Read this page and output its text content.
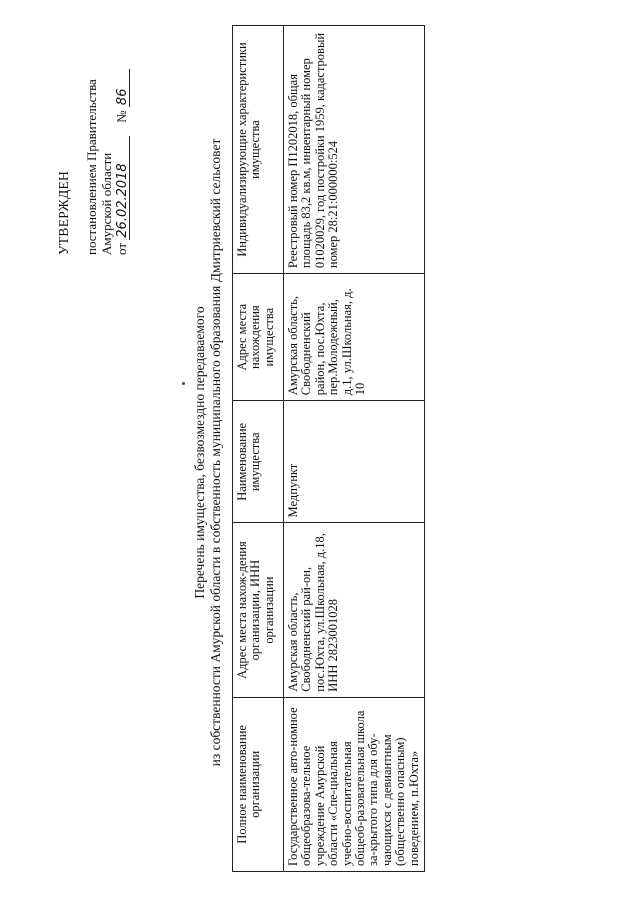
УТВЕРЖДЕН постановлением Правительства Амурской области от 26.02.2018    № 86
Перечень имущества, безвозмездно передаваемого из собственности Амурской области в собственность муниципального образования Дмитриевский сельсовет
Полное наименование организации	Адрес места нахож-дения организации, ИНН организации	Наименование имущества	Адрес места нахождения имущества	Индивидуализирующие характеристики имущества
Государственное авто-номное общеобразова-тельное учреждение Амурской области «Спе-циальная учебно-воспитательная общеоб-разовательная школа за-крытого типа для обу-чающихся с девиантным (общественно опасным) поведением, п.Юхта»	Амурская область, Свободненский рай-он, пос.Юхта, ул.Школьная, д.18, ИНН 2823001028	Медпункт	Амурская область, Свободненский район, пос.Юхта, пер.Молодежный, д.1, ул.Школьная, д. 10	Реестровый номер П1202018, общая площадь 83,2 кв.м, инвентарный номер 01020029, год постройки 1959, кадастровый номер 28:21:000000:524
